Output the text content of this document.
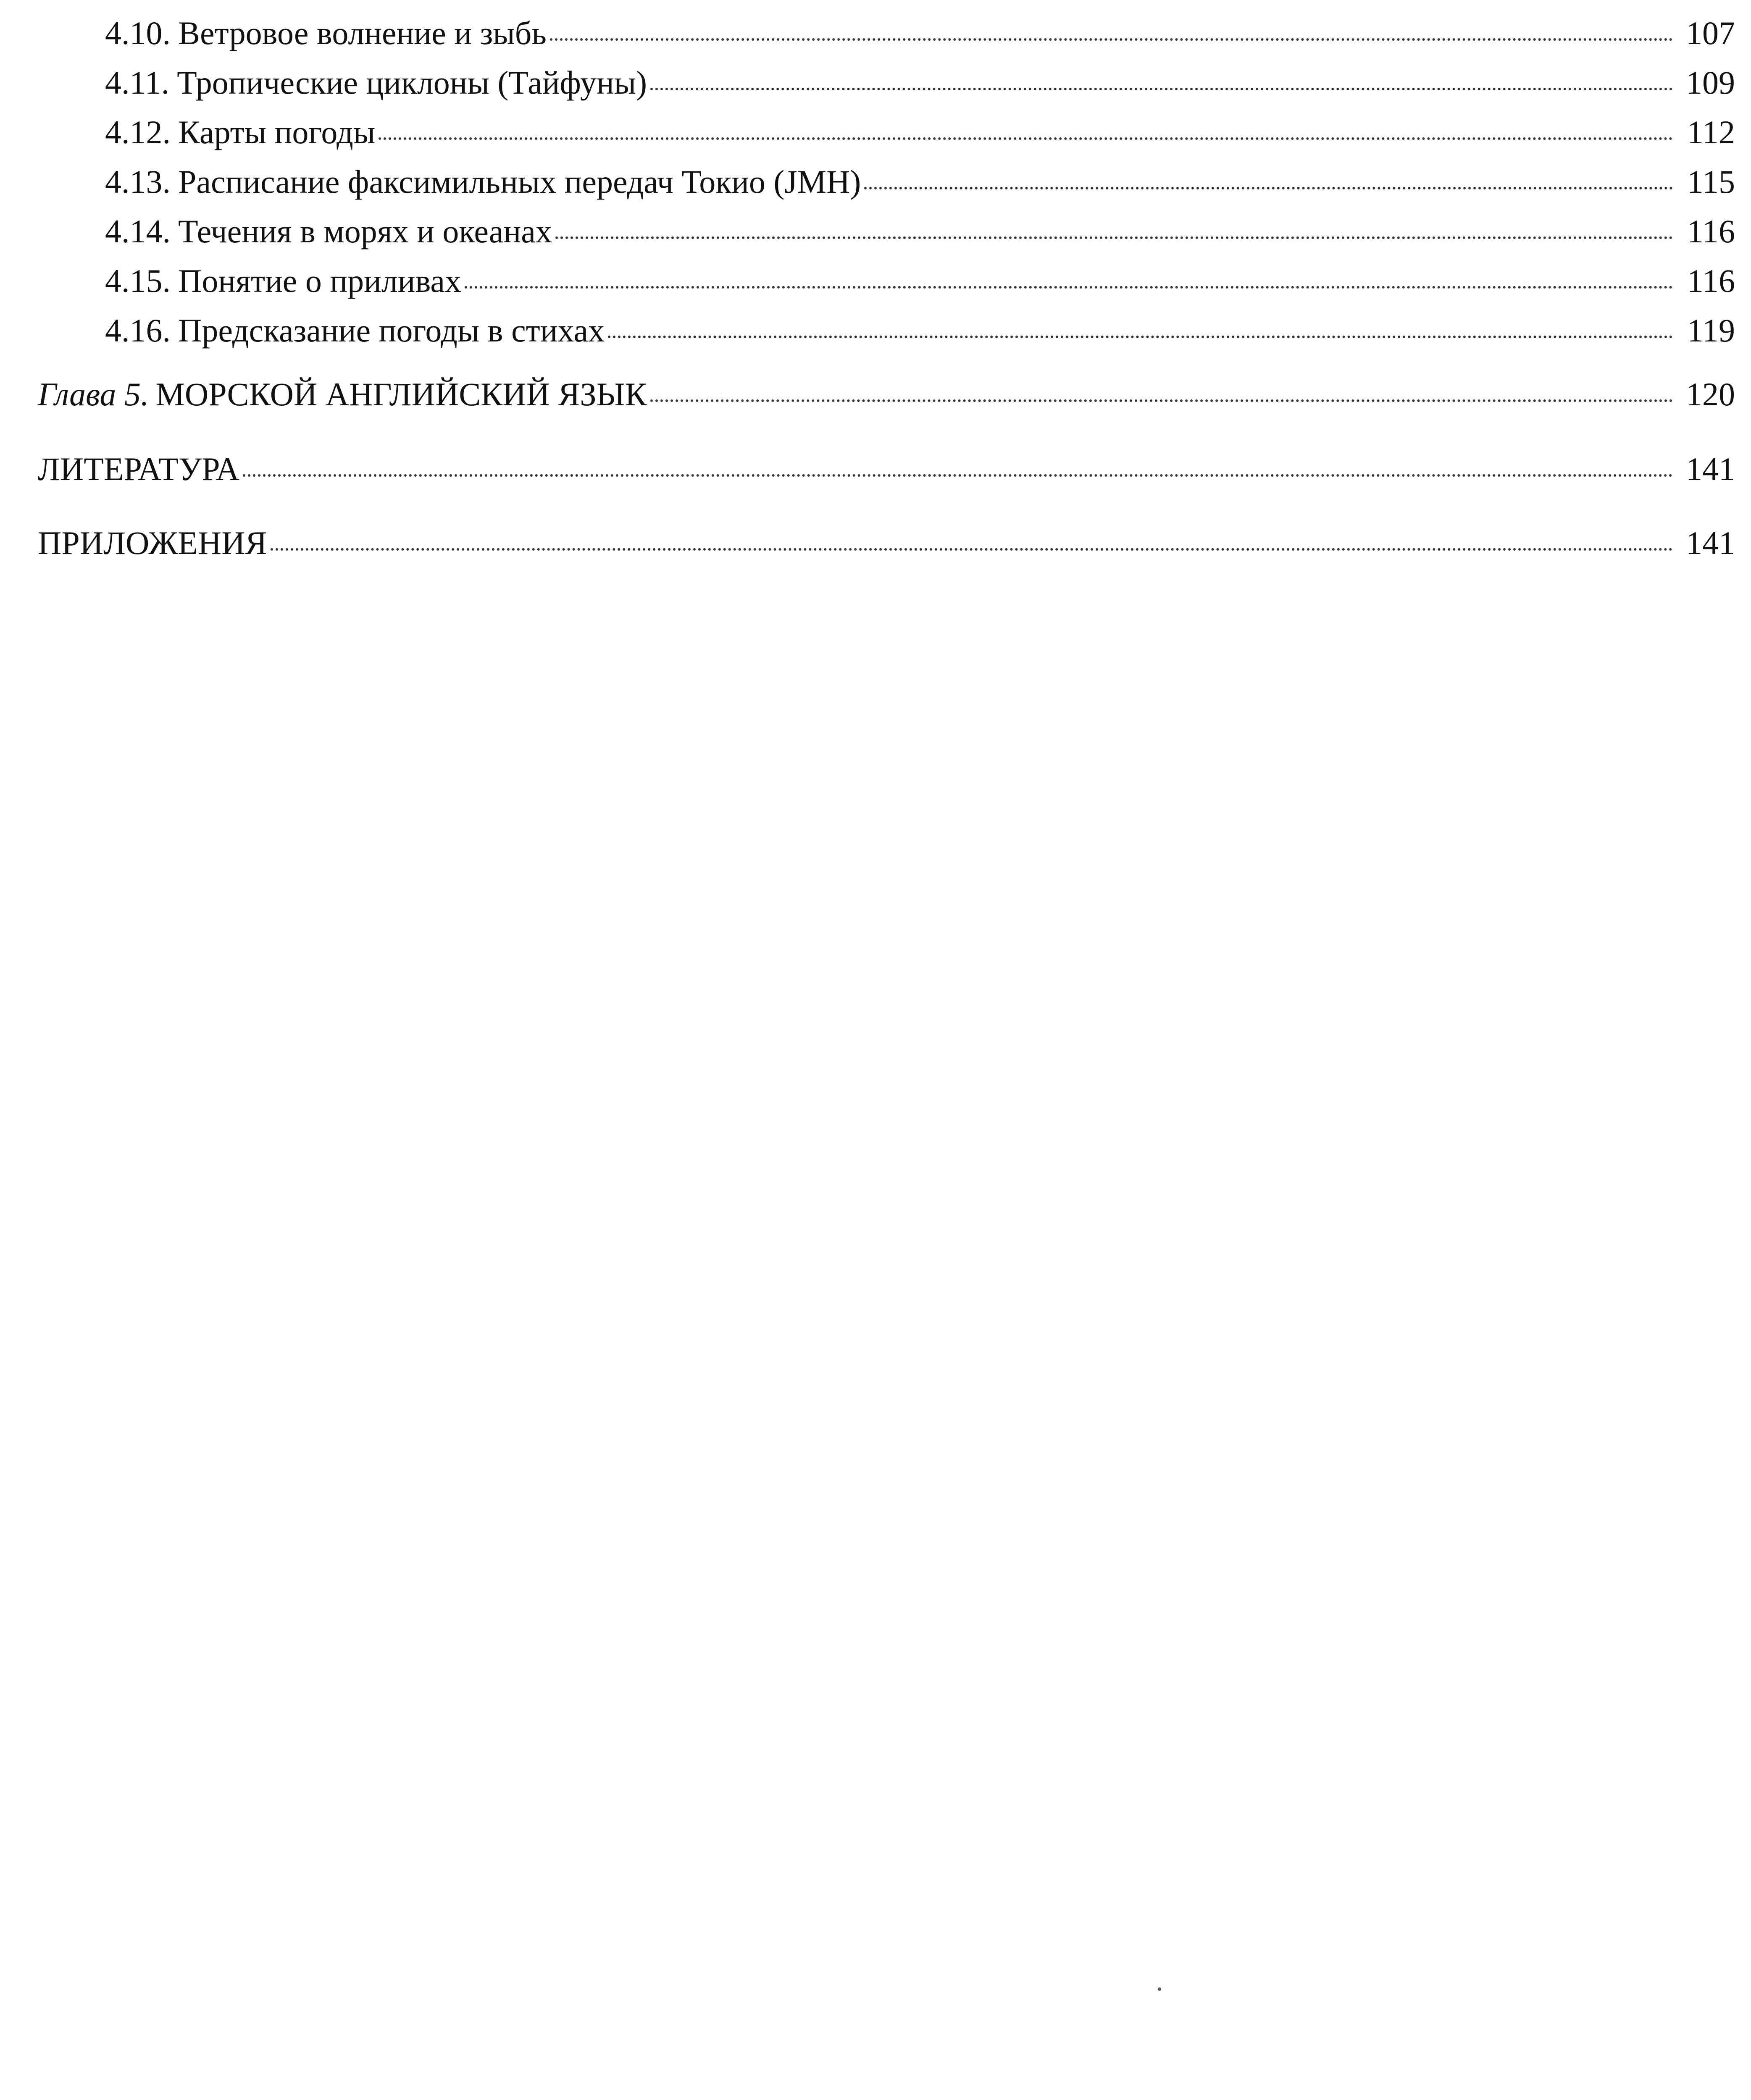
4.10. Ветровое волнение и зыбь	107
4.11. Тропические циклоны (Тайфуны)	109
4.12. Карты погоды	112
4.13. Расписание факсимильных передач Токио (JMH)	115
4.14. Течения в морях и океанах	116
4.15. Понятие о приливах	116
4.16. Предсказание погоды в стихах	119
Глава 5. МОРСКОЙ АНГЛИЙСКИЙ ЯЗЫК	120
ЛИТЕРАТУРА	141
ПРИЛОЖЕНИЯ	141
